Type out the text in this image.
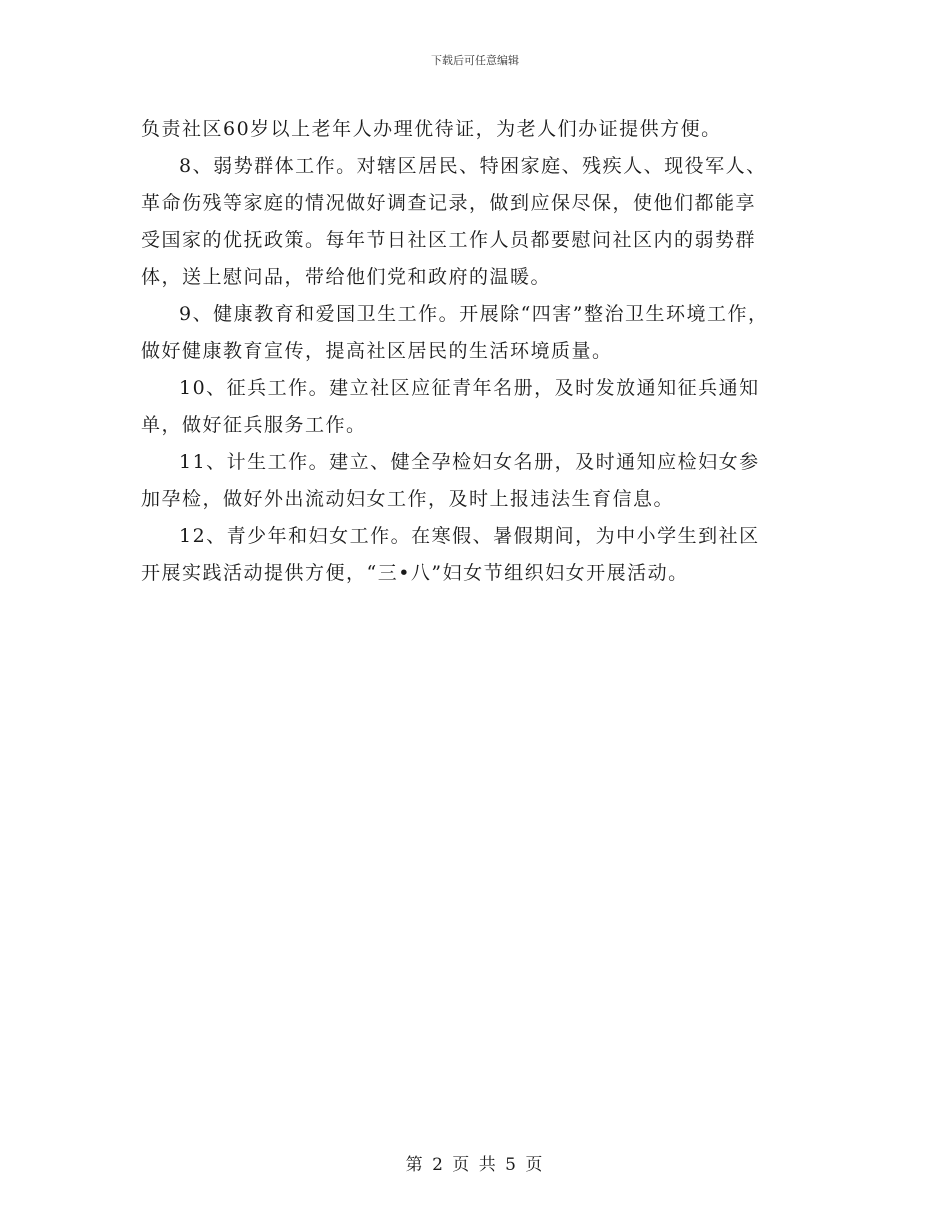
下载后可任意编辑

负责社区60岁以上老年人办理优待证，为老人们办证提供方便。

8、弱势群体工作。对辖区居民、特困家庭、残疾人、现役军人、
革命伤残等家庭的情况做好调查记录，做到应保尽保，使他们都能享
受国家的优抚政策。每年节日社区工作人员都要慰问社区内的弱势群
体，送上慰问品，带给他们党和政府的温暖。

9、健康教育和爱国卫生工作。开展除“四害”整治卫生环境工作，
做好健康教育宣传，提高社区居民的生活环境质量。

10、征兵工作。建立社区应征青年名册，及时发放通知征兵通知
单，做好征兵服务工作。

11、计生工作。建立、健全孕检妇女名册，及时通知应检妇女参
加孕检，做好外出流动妇女工作，及时上报违法生育信息。

12、青少年和妇女工作。在寒假、暑假期间，为中小学生到社区
开展实践活动提供方便，“三•八”妇女节组织妇女开展活动。

第 2 页 共 5 页
